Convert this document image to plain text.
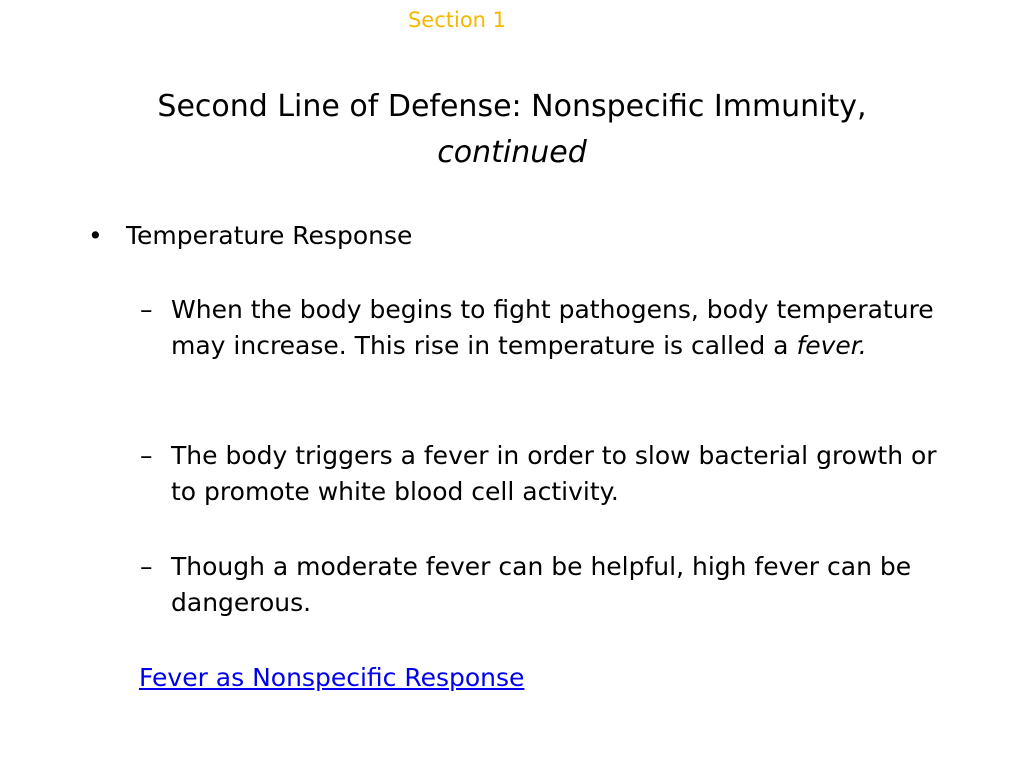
Section 1
Second Line of Defense: Nonspecific Immunity,
continued
• Temperature Response
– When the body begins to fight pathogens, body temperature may increase. This rise in temperature is called a fever.
– The body triggers a fever in order to slow bacterial growth or to promote white blood cell activity.
– Though a moderate fever can be helpful, high fever can be dangerous.
Fever as Nonspecific Response
